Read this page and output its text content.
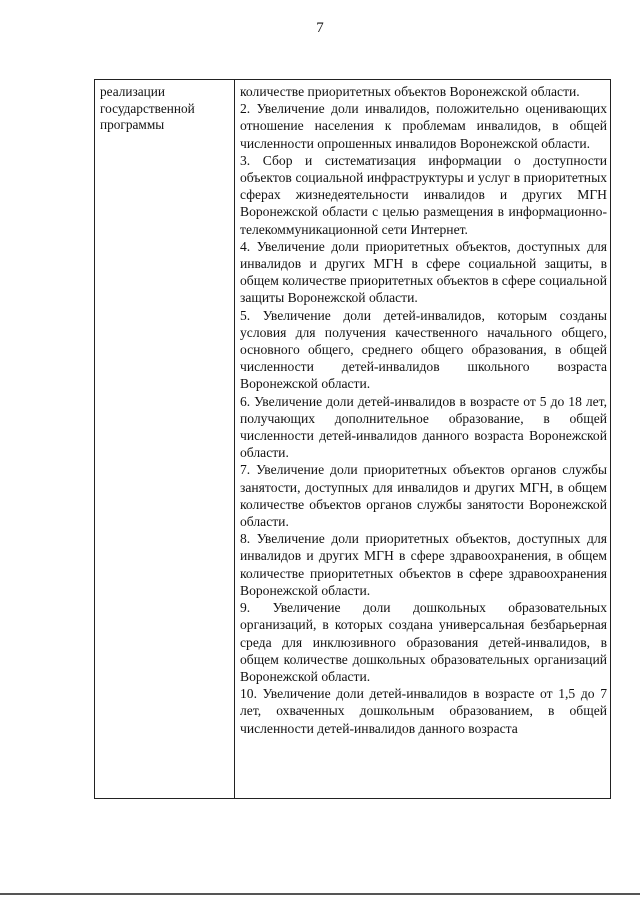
7
реализации
государственной
программы

количестве приоритетных объектов Воронежской области.

2. Увеличение доли инвалидов, положительно оценивающих отношение населения к проблемам инвалидов, в общей численности опрошенных инвалидов Воронежской области.

3. Сбор и систематизация информации о доступности объектов социальной инфраструктуры и услуг в приоритетных сферах жизнедеятельности инвалидов и других МГН Воронежской области с целью размещения в информационно-телекоммуникационной сети Интернет.

4. Увеличение доли приоритетных объектов, доступных для инвалидов и других МГН в сфере социальной защиты, в общем количестве приоритетных объектов в сфере социальной защиты Воронежской области.

5. Увеличение доли детей-инвалидов, которым созданы условия для получения качественного начального общего, основного общего, среднего общего образования, в общей численности детей-инвалидов школьного возраста Воронежской области.

6. Увеличение доли детей-инвалидов в возрасте от 5 до 18 лет, получающих дополнительное образование, в общей численности детей-инвалидов данного возраста Воронежской области.

7. Увеличение доли приоритетных объектов органов службы занятости, доступных для инвалидов и других МГН, в общем количестве объектов органов службы занятости Воронежской области.

8. Увеличение доли приоритетных объектов, доступных для инвалидов и других МГН в сфере здравоохранения, в общем количестве приоритетных объектов в сфере здравоохранения Воронежской области.

9. Увеличение доли дошкольных образовательных организаций, в которых создана универсальная безбарьерная среда для инклюзивного образования детей-инвалидов, в общем количестве дошкольных образовательных организаций Воронежской области.

10. Увеличение доли детей-инвалидов в возрасте от 1,5 до 7 лет, охваченных дошкольным образованием, в общей численности детей-инвалидов данного возраста
